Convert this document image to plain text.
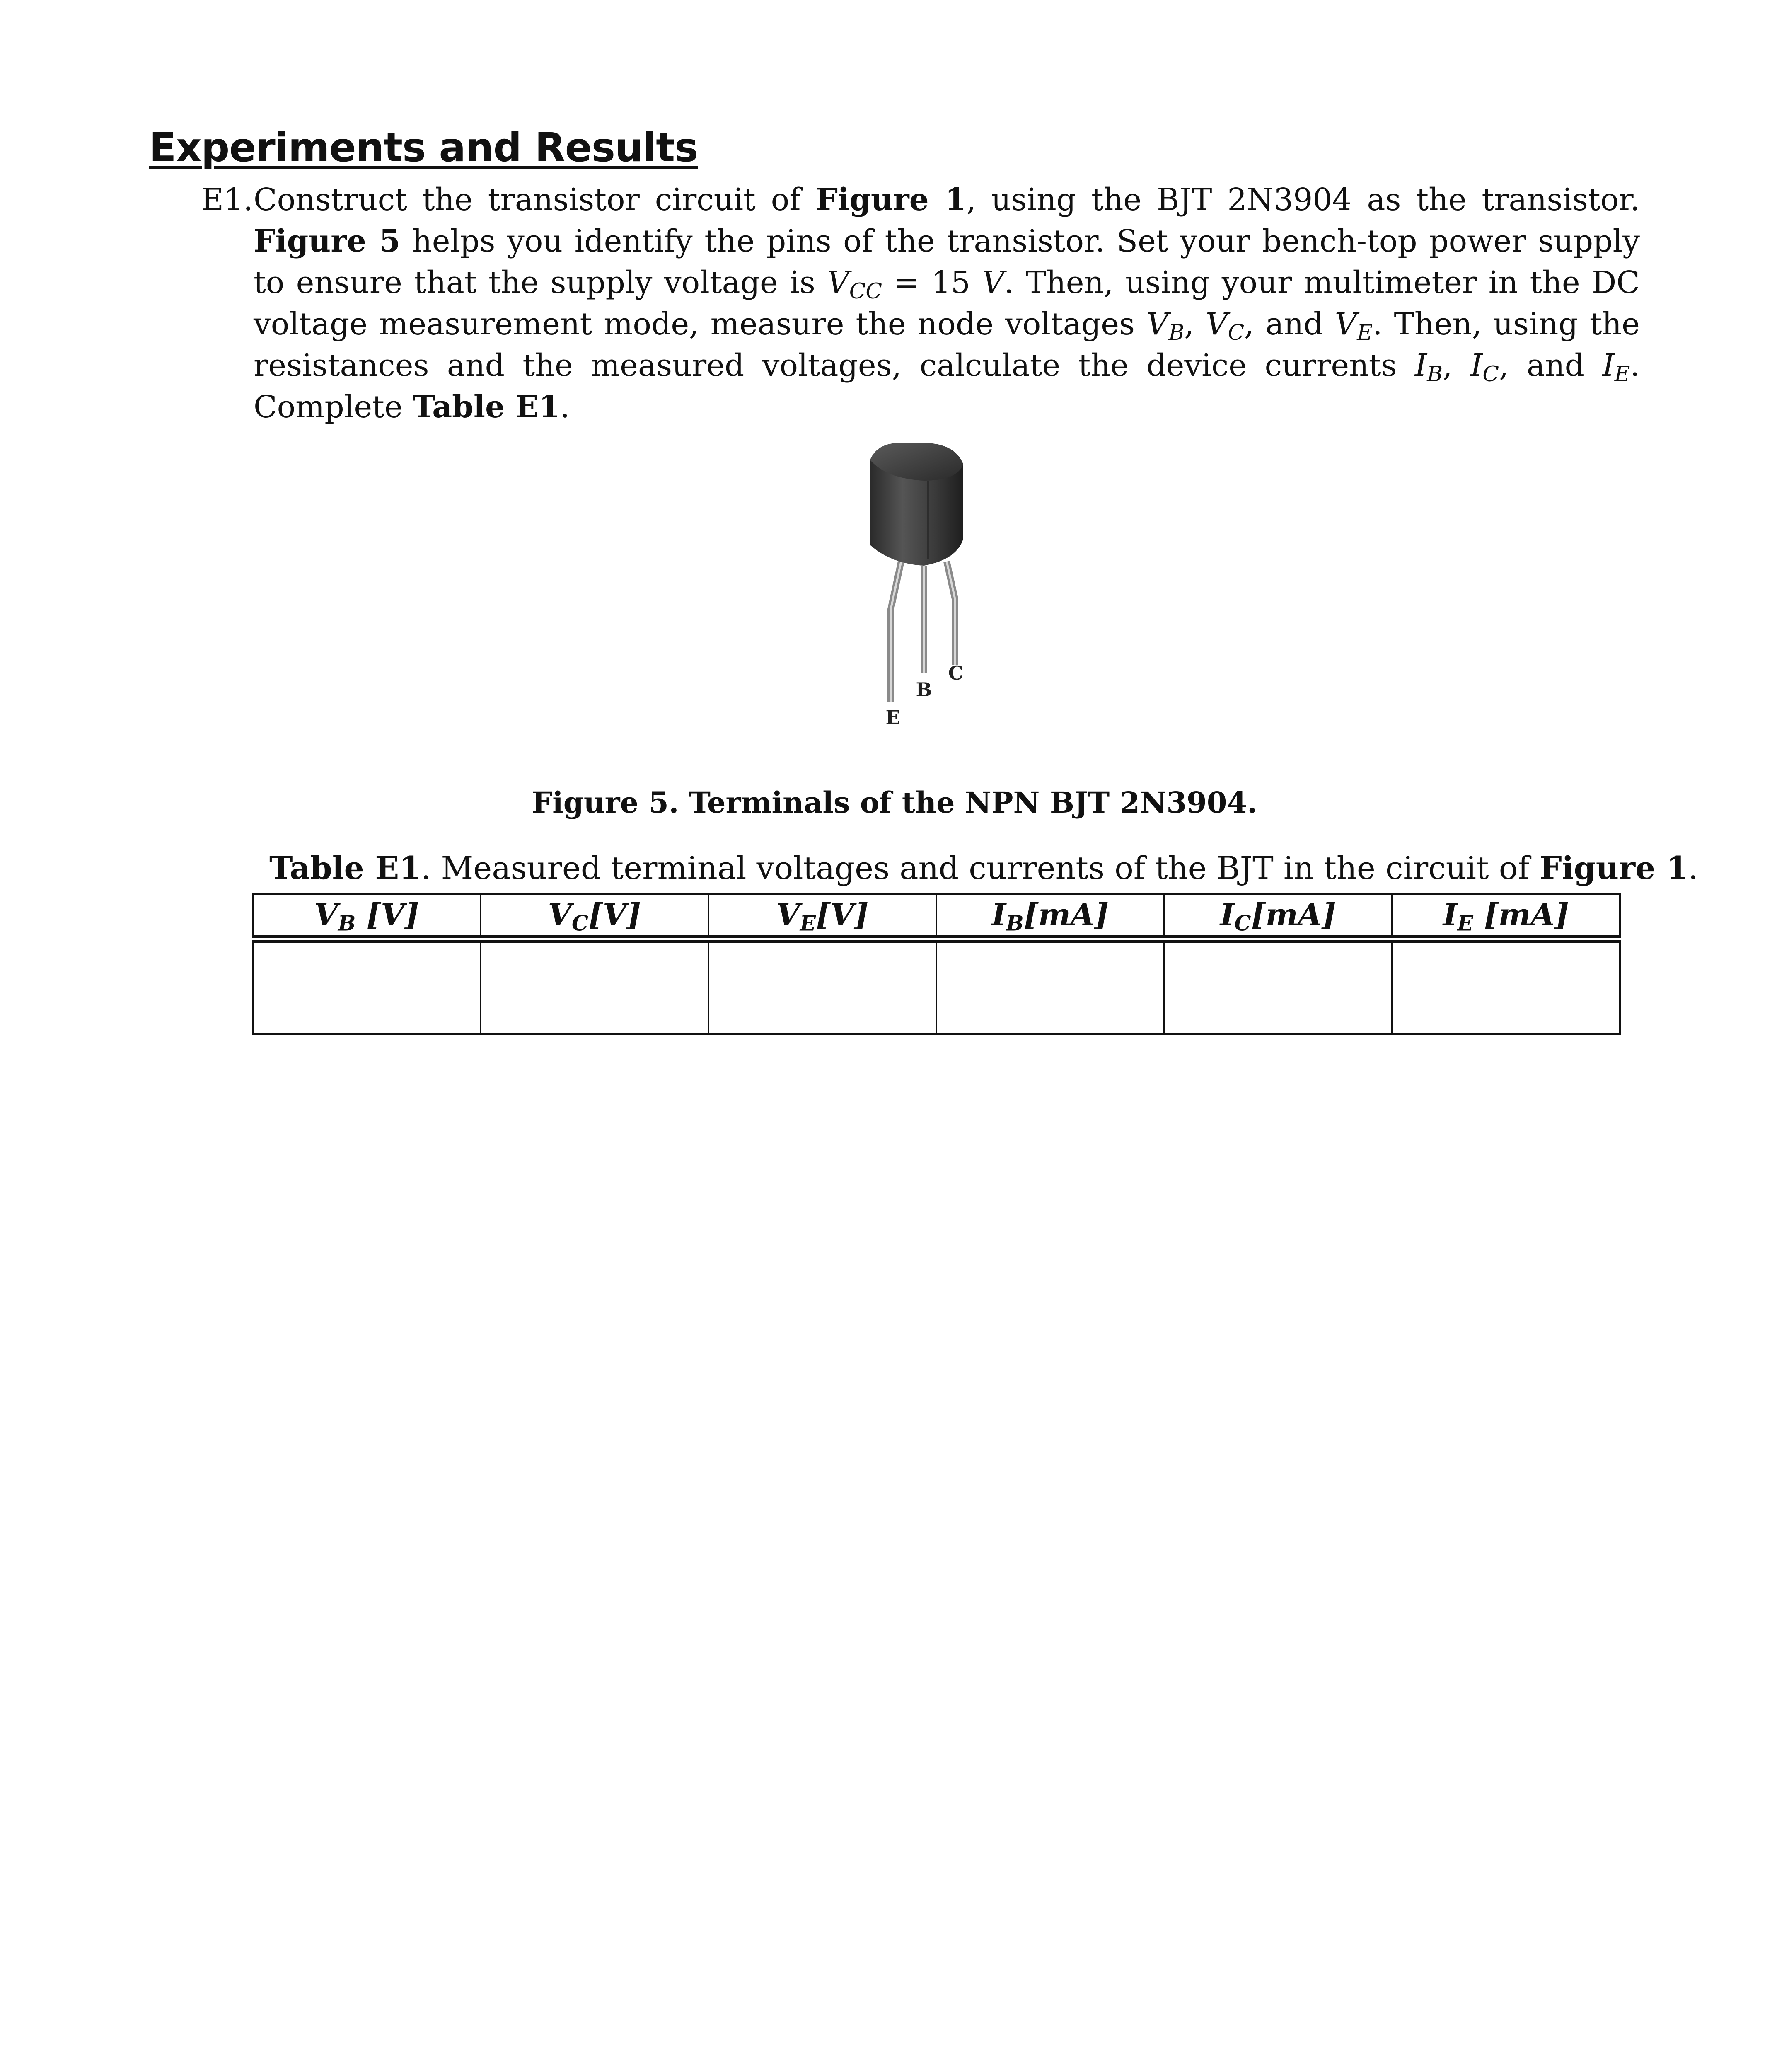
Experiments and Results
E1. Construct the transistor circuit of Figure 1, using the BJT 2N3904 as the transistor. Figure 5 helps you identify the pins of the transistor. Set your bench-top power supply to ensure that the supply voltage is $V_{CC} = 15$ V. Then, using your multimeter in the DC voltage measurement mode, measure the node voltages $V_B$, $V_C$, and $V_E$. Then, using the resistances and the measured voltages, calculate the device currents $I_B$, $I_C$, and $I_E$. Complete Table E1.
E
B
C
Figure 5. Terminals of the NPN BJT 2N3904.
Table E1. Measured terminal voltages and currents of the BJT in the circuit of Figure 1.
$V_B$ [V]	$V_C[V]$	$V_E[V]$	$I_B[mA]$	$I_C[mA]$	$I_E$ [mA]
